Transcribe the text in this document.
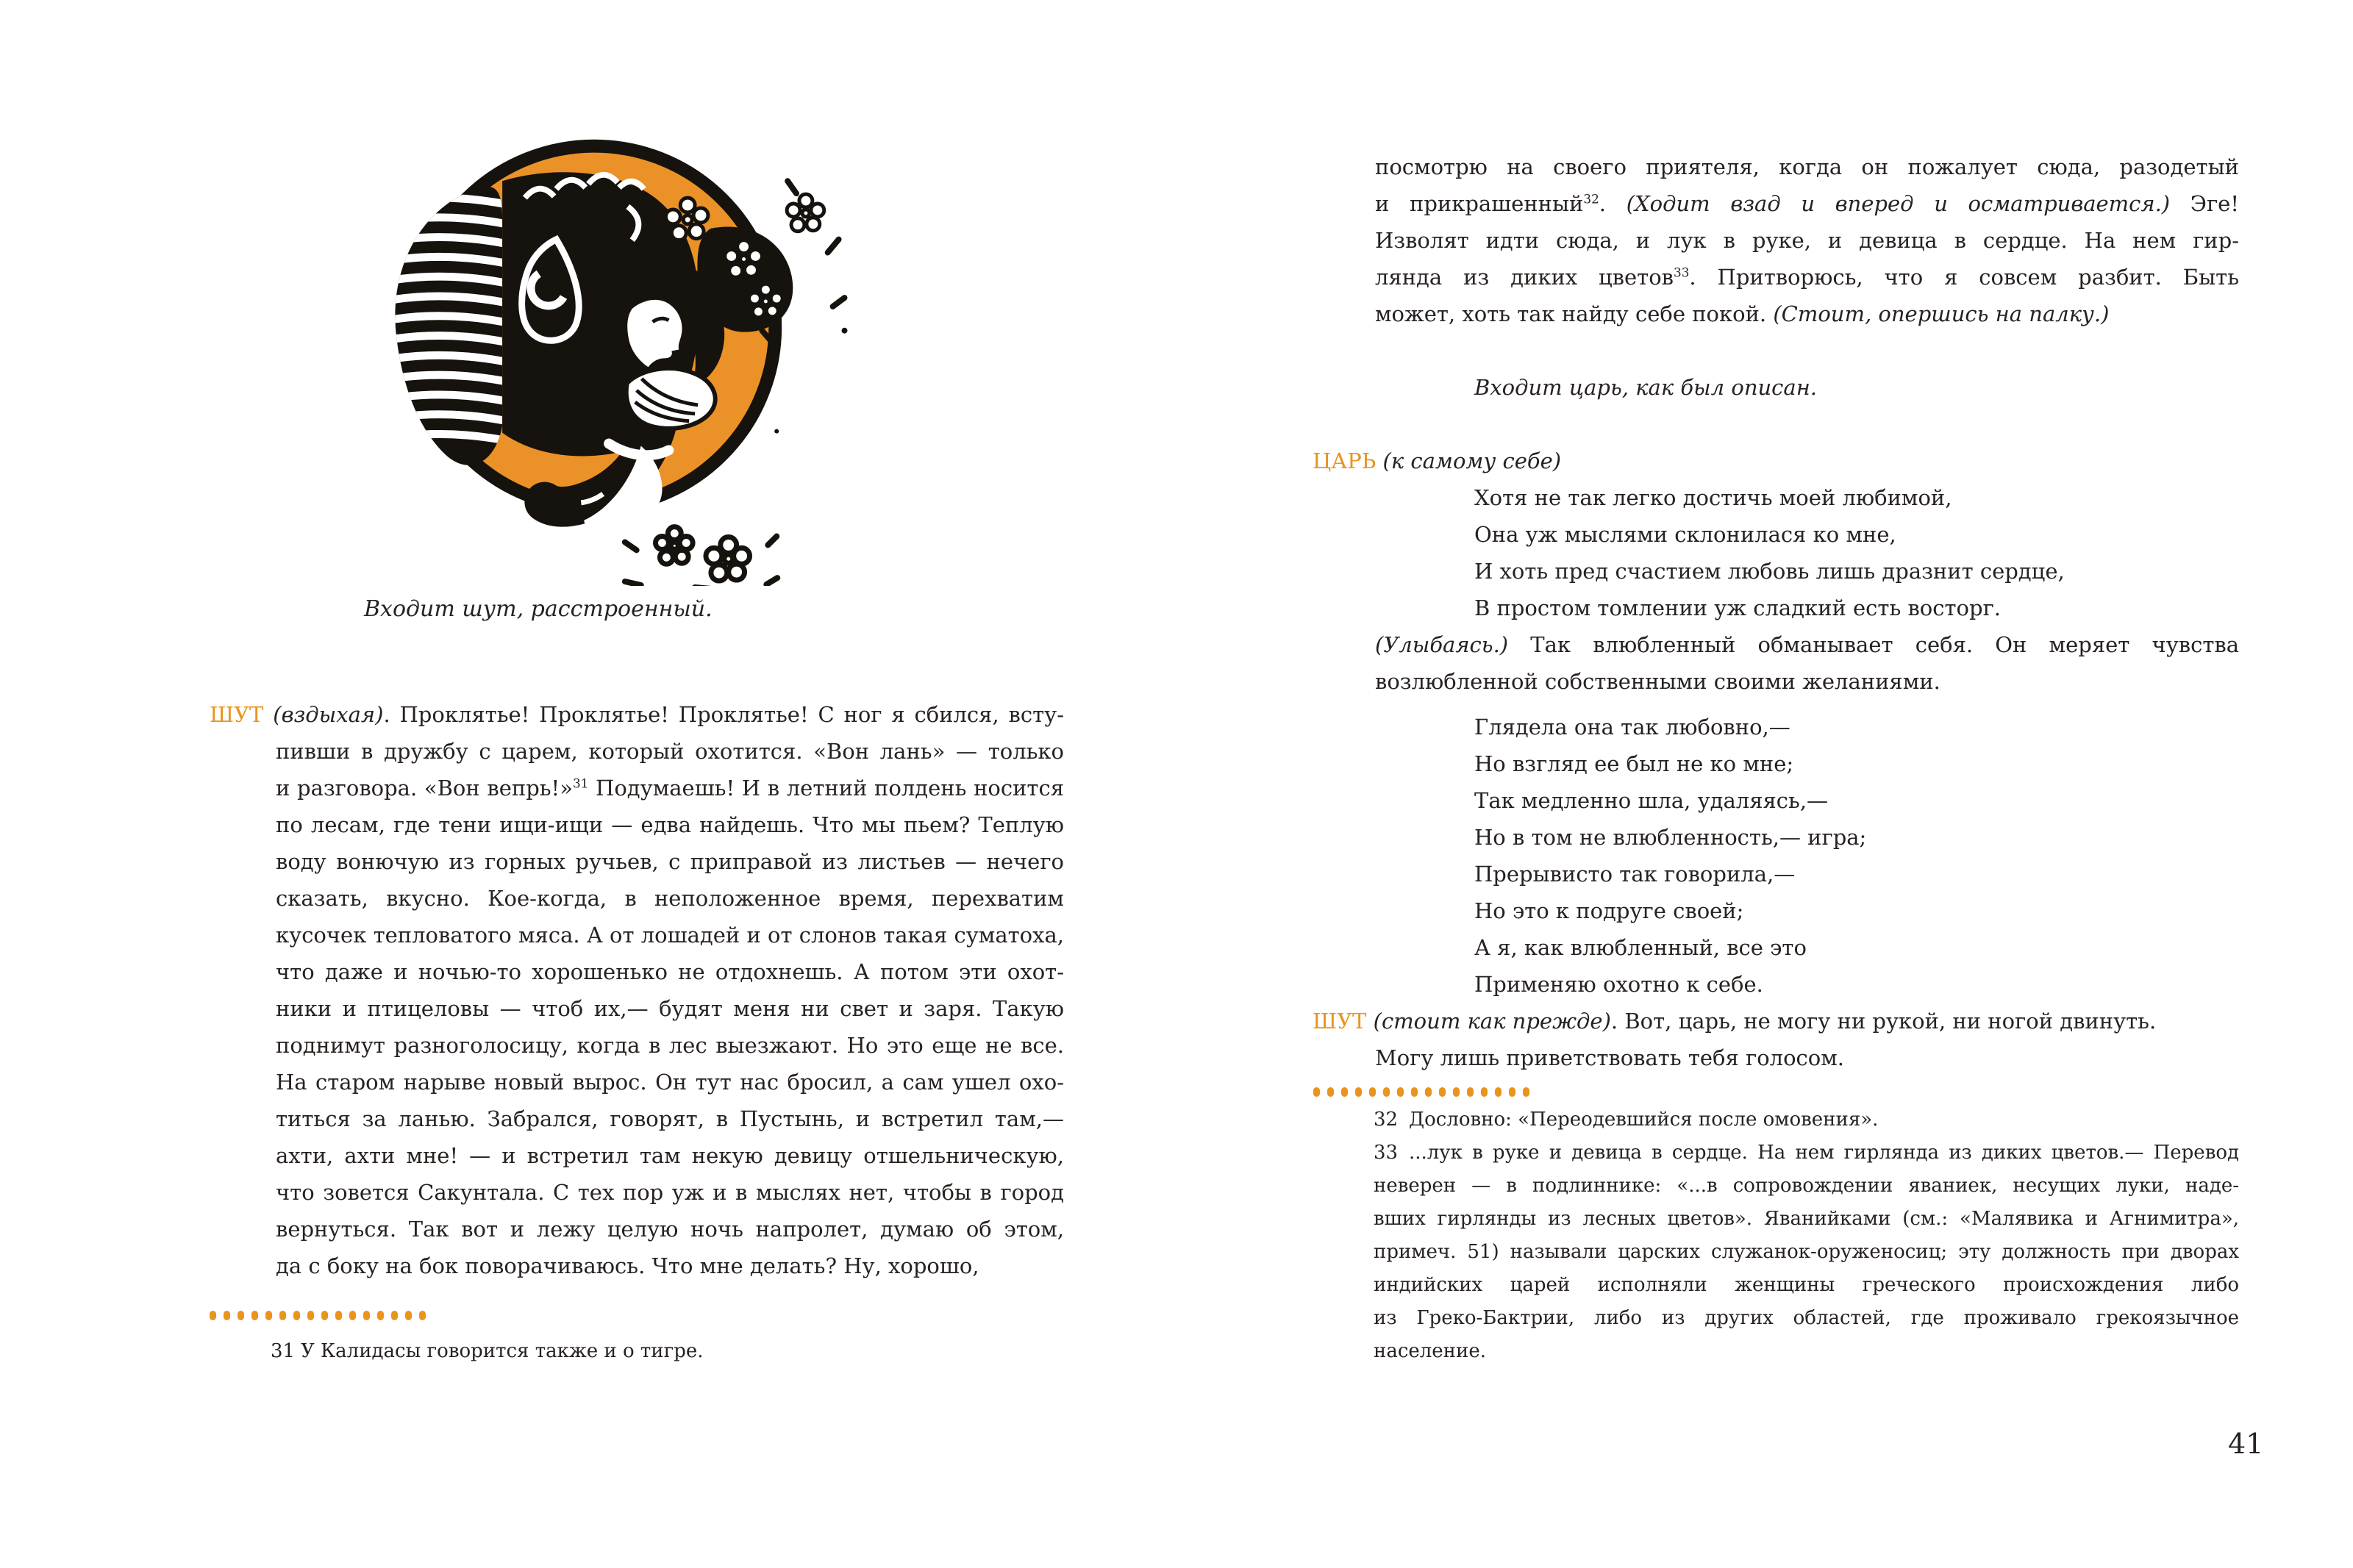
Входит шут, расстроенный.
ШУТ (вздыхая). Проклятье! Проклятье! Проклятье! С ног я сбился, всту-
пивши в дружбу с царем, который охотится. «Вон лань» — только
и разговора. «Вон вепрь!»$^{31}$ Подумаешь! И в летний полдень носится
по лесам, где тени ищи-ищи — едва найдешь. Что мы пьем? Теплую
воду вонючую из горных ручьев, с приправой из листьев — нечего
сказать, вкусно. Кое-когда, в неположенное время, перехватим
кусочек тепловатого мяса. А от лошадей и от слонов такая суматоха,
что даже и ночью-то хорошенько не отдохнешь. А потом эти охот-
ники и птицеловы — чтоб их,— будят меня ни свет и заря. Такую
поднимут разноголосицу, когда в лес выезжают. Но это еще не все.
На старом нарыве новый вырос. Он тут нас бросил, а сам ушел охо-
титься за ланью. Забрался, говорят, в Пустынь, и встретил там,—
ахти, ахти мне! — и встретил там некую девицу отшельническую,
что зовется Сакунтала. С тех пор уж и в мыслях нет, чтобы в город
вернуться. Так вот и лежу целую ночь напролет, думаю об этом,
да с боку на бок поворачиваюсь. Что мне делать? Ну, хорошо,
31 У Калидасы говорится также и о тигре.
посмотрю на своего приятеля, когда он пожалует сюда, разодетый
и прикрашенный$^{32}$. (Ходит взад и вперед и осматривается.) Эге!
Изволят идти сюда, и лук в руке, и девица в сердце. На нем гир-
лянда из диких цветов$^{33}$. Притворюсь, что я совсем разбит. Быть
может, хоть так найду себе покой. (Стоит, опершись на палку.)
Входит царь, как был описан.
ЦАРЬ (к самому себе)
Хотя не так легко достичь моей любимой,
Она уж мыслями склонилася ко мне,
И хоть пред счастием любовь лишь дразнит сердце,
В простом томлении уж сладкий есть восторг.
(Улыбаясь.) Так влюбленный обманывает себя. Он меряет чувства
возлюбленной собственными своими желаниями.
Глядела она так любовно,—
Но взгляд ее был не ко мне;
Так медленно шла, удаляясь,—
Но в том не влюбленность,— игра;
Прерывисто так говорила,—
Но это к подруге своей;
А я, как влюбленный, все это
Применяю охотно к себе.
ШУТ (стоит как прежде). Вот, царь, не могу ни рукой, ни ногой двинуть.
Могу лишь приветствовать тебя голосом.
32 Дословно: «Переодевшийся после омовения».
33 ...лук в руке и девица в сердце. На нем гирлянда из диких цветов.— Перевод
неверен — в подлиннике: «...в сопровождении яваниек, несущих луки, наде-
вших гирлянды из лесных цветов». Яванийками (см.: «Малявика и Агнимитра»,
примеч. 51) называли царских служанок-оруженосиц; эту должность при дворах
индийских царей исполняли женщины греческого происхождения либо
из Греко-Бактрии, либо из других областей, где проживало грекоязычное
население.
41
